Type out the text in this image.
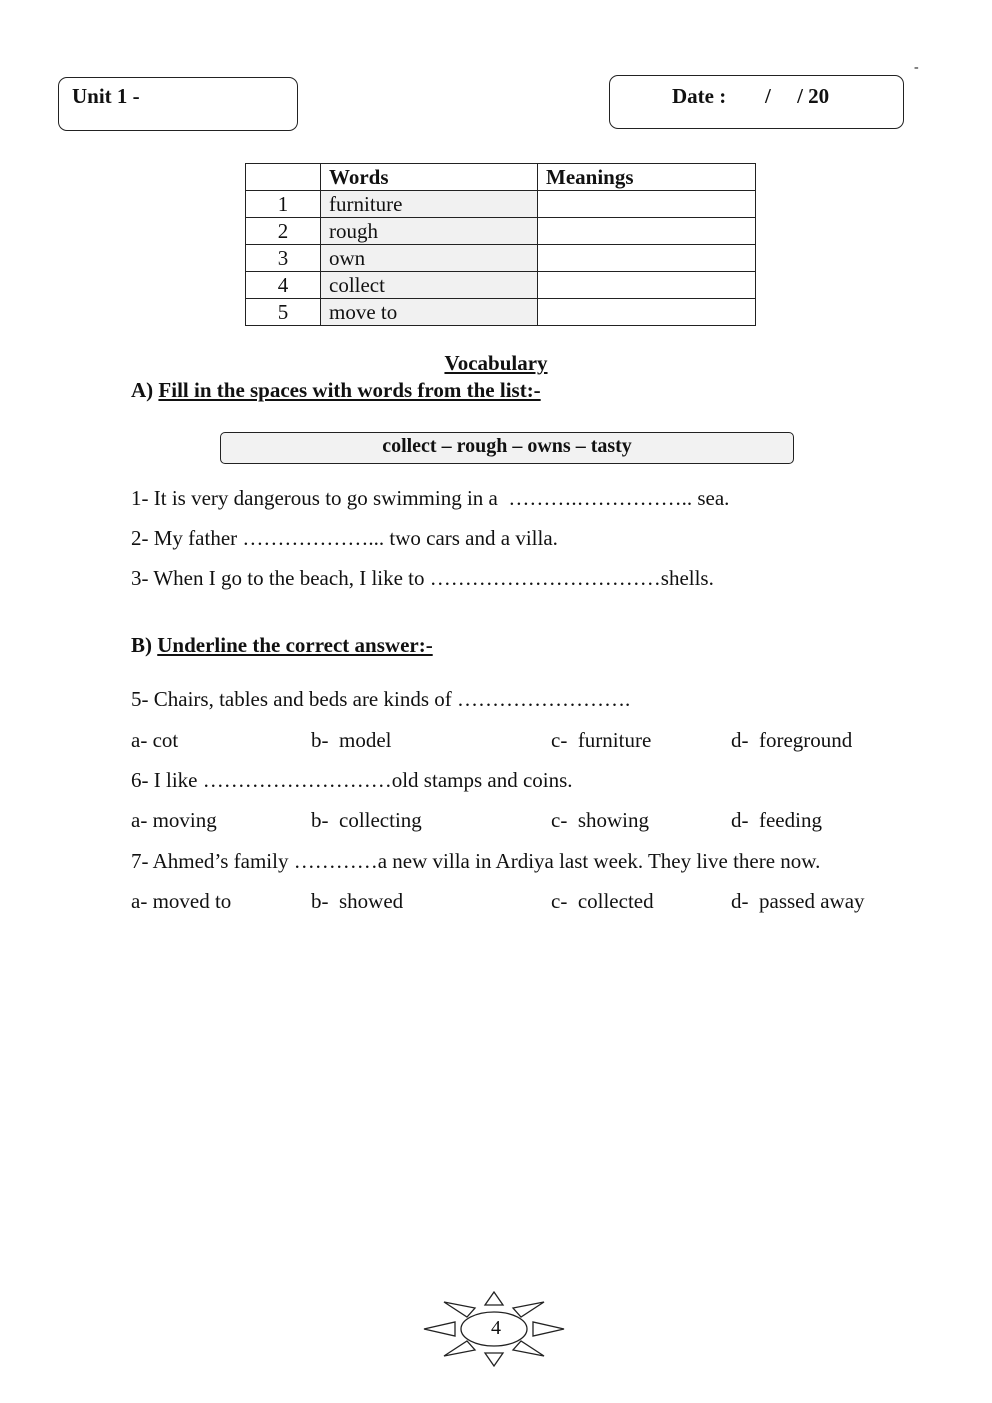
-
Unit 1 -	Date : /     / 20
	Words	Meanings
1	furniture	
2	rough	
3	own	
4	collect	
5	move to	
Vocabulary
A) Fill in the spaces with words from the list:-
collect – rough – owns – tasty
1- It is very dangerous to go swimming in a  ……….…………….. sea.
2- My father ………………... two cars and a villa.
3- When I go to the beach, I like to ……………………………shells.
B) Underline the correct answer:-
5- Chairs, tables and beds are kinds of …………………….
a- cot	b-  model	c-  furniture	d-  foreground
6- I like ………………………old stamps and coins.
a- moving	b-  collecting	c-  showing	d-  feeding
7- Ahmed’s family …………a new villa in Ardiya last week. They live there now.
a- moved to	b-  showed	c-  collected	d-  passed away
4
